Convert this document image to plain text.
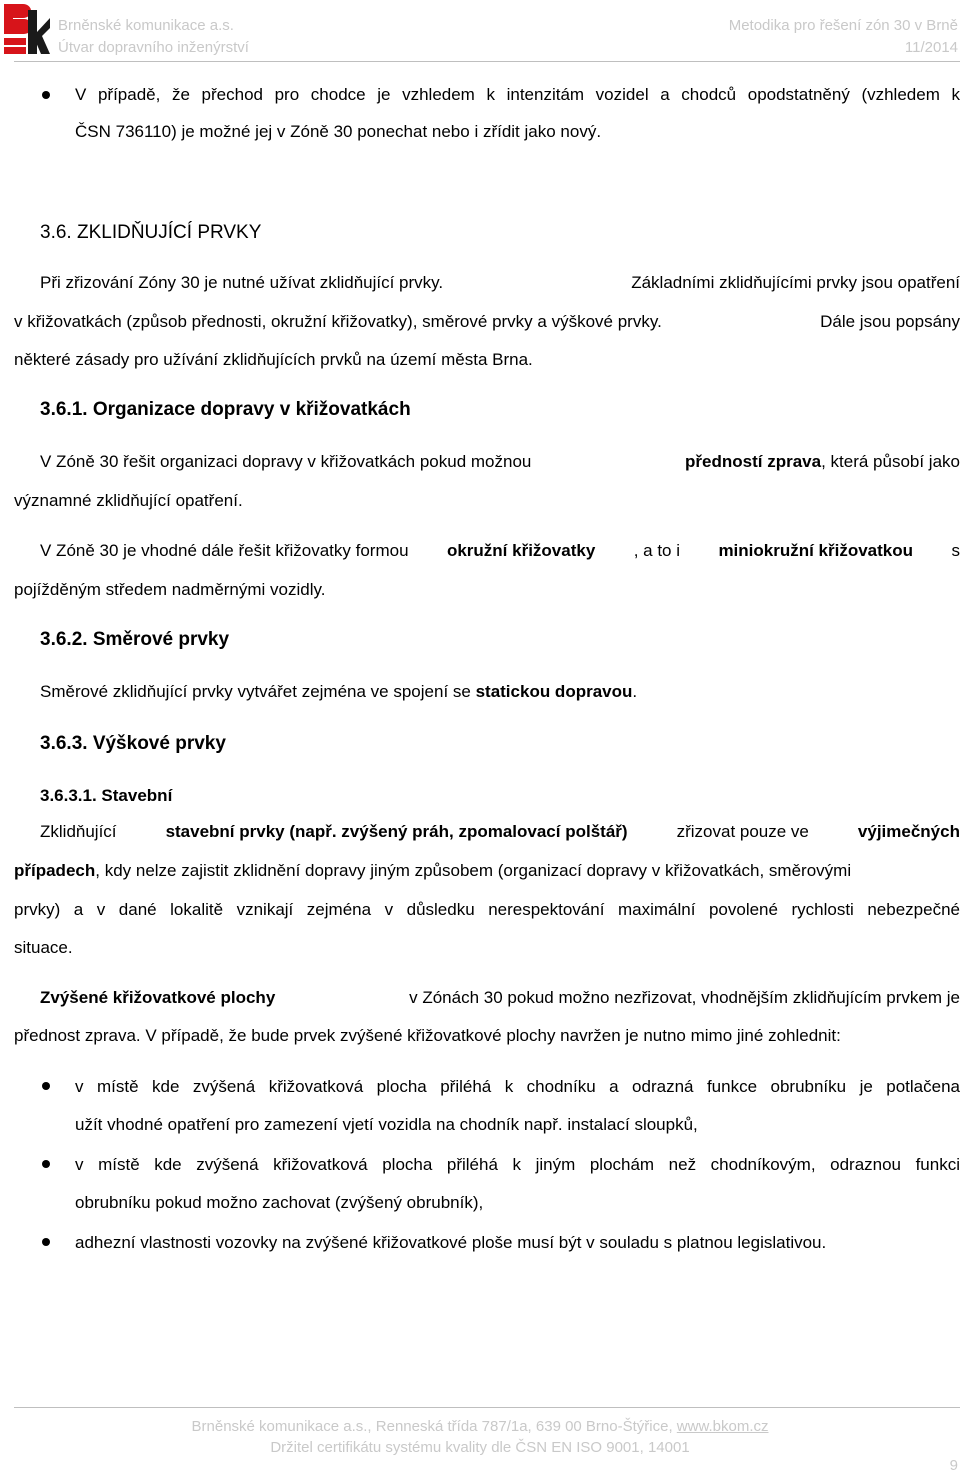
Brněnské komunikace a.s.
Útvar dopravního inženýrství
Metodika pro řešení zón 30 v Brně
11/2014
V případě, že přechod pro chodce je vzhledem k intenzitám vozidel a chodců opodstatněný (vzhledem k
ČSN 736110) je možné jej v Zóně 30 ponechat nebo i zřídit jako nový.
3.6. ZKLIDŇUJÍCÍ PRVKY
Při zřizování Zóny 30 je nutné užívat zklidňující prvky.	Základními zklidňujícími prvky jsou opatření
v křižovatkách (způsob přednosti, okružní křižovatky), směrové prvky a výškové prvky.	Dále jsou popsány
některé zásady pro užívání zklidňujících prvků na území města Brna.
3.6.1. Organizace dopravy v křižovatkách
V Zóně 30 řešit organizaci dopravy v křižovatkách pokud možnou	předností zprava, která působí jako
významné zklidňující opatření.
V Zóně 30 je vhodné dále řešit křižovatky formou okružní křižovatky , a to i miniokružní křižovatkou s
pojížděným středem nadměrnými vozidly.
3.6.2. Směrové prvky
Směrové zklidňující prvky vytvářet zejména ve spojení se statickou dopravou.
3.6.3. Výškové prvky
3.6.3.1. Stavební
Zklidňující	stavební prvky (např. zvýšený práh, zpomalovací polštář)	zřizovat pouze ve	výjimečných
případech, kdy nelze zajistit zklidnění dopravy jiným způsobem (organizací dopravy v křižovatkách, směrovými
prvky) a v dané lokalitě vznikají zejména v důsledku nerespektování maximální povolené rychlosti nebezpečné
situace.
Zvýšené křižovatkové plochy	v Zónách 30 pokud možno nezřizovat, vhodnějším zklidňujícím prvkem je
přednost zprava. V případě, že bude prvek zvýšené křižovatkové plochy navržen je nutno mimo jiné zohlednit:
v místě kde zvýšená křižovatková plocha přiléhá k chodníku a odrazná funkce obrubníku je potlačena
užít vhodné opatření pro zamezení vjetí vozidla na chodník např. instalací sloupků,
v místě kde zvýšená křižovatková plocha přiléhá k jiným plochám než chodníkovým, odraznou funkci
obrubníku pokud možno zachovat (zvýšený obrubník),
adhezní vlastnosti vozovky na zvýšené křižovatkové ploše musí být v souladu s platnou legislativou.
Brněnské komunikace a.s., Renneská třída 787/1a, 639 00 Brno-Štýřice, www.bkom.cz
Držitel certifikátu systému kvality dle ČSN EN ISO 9001, 14001
9
